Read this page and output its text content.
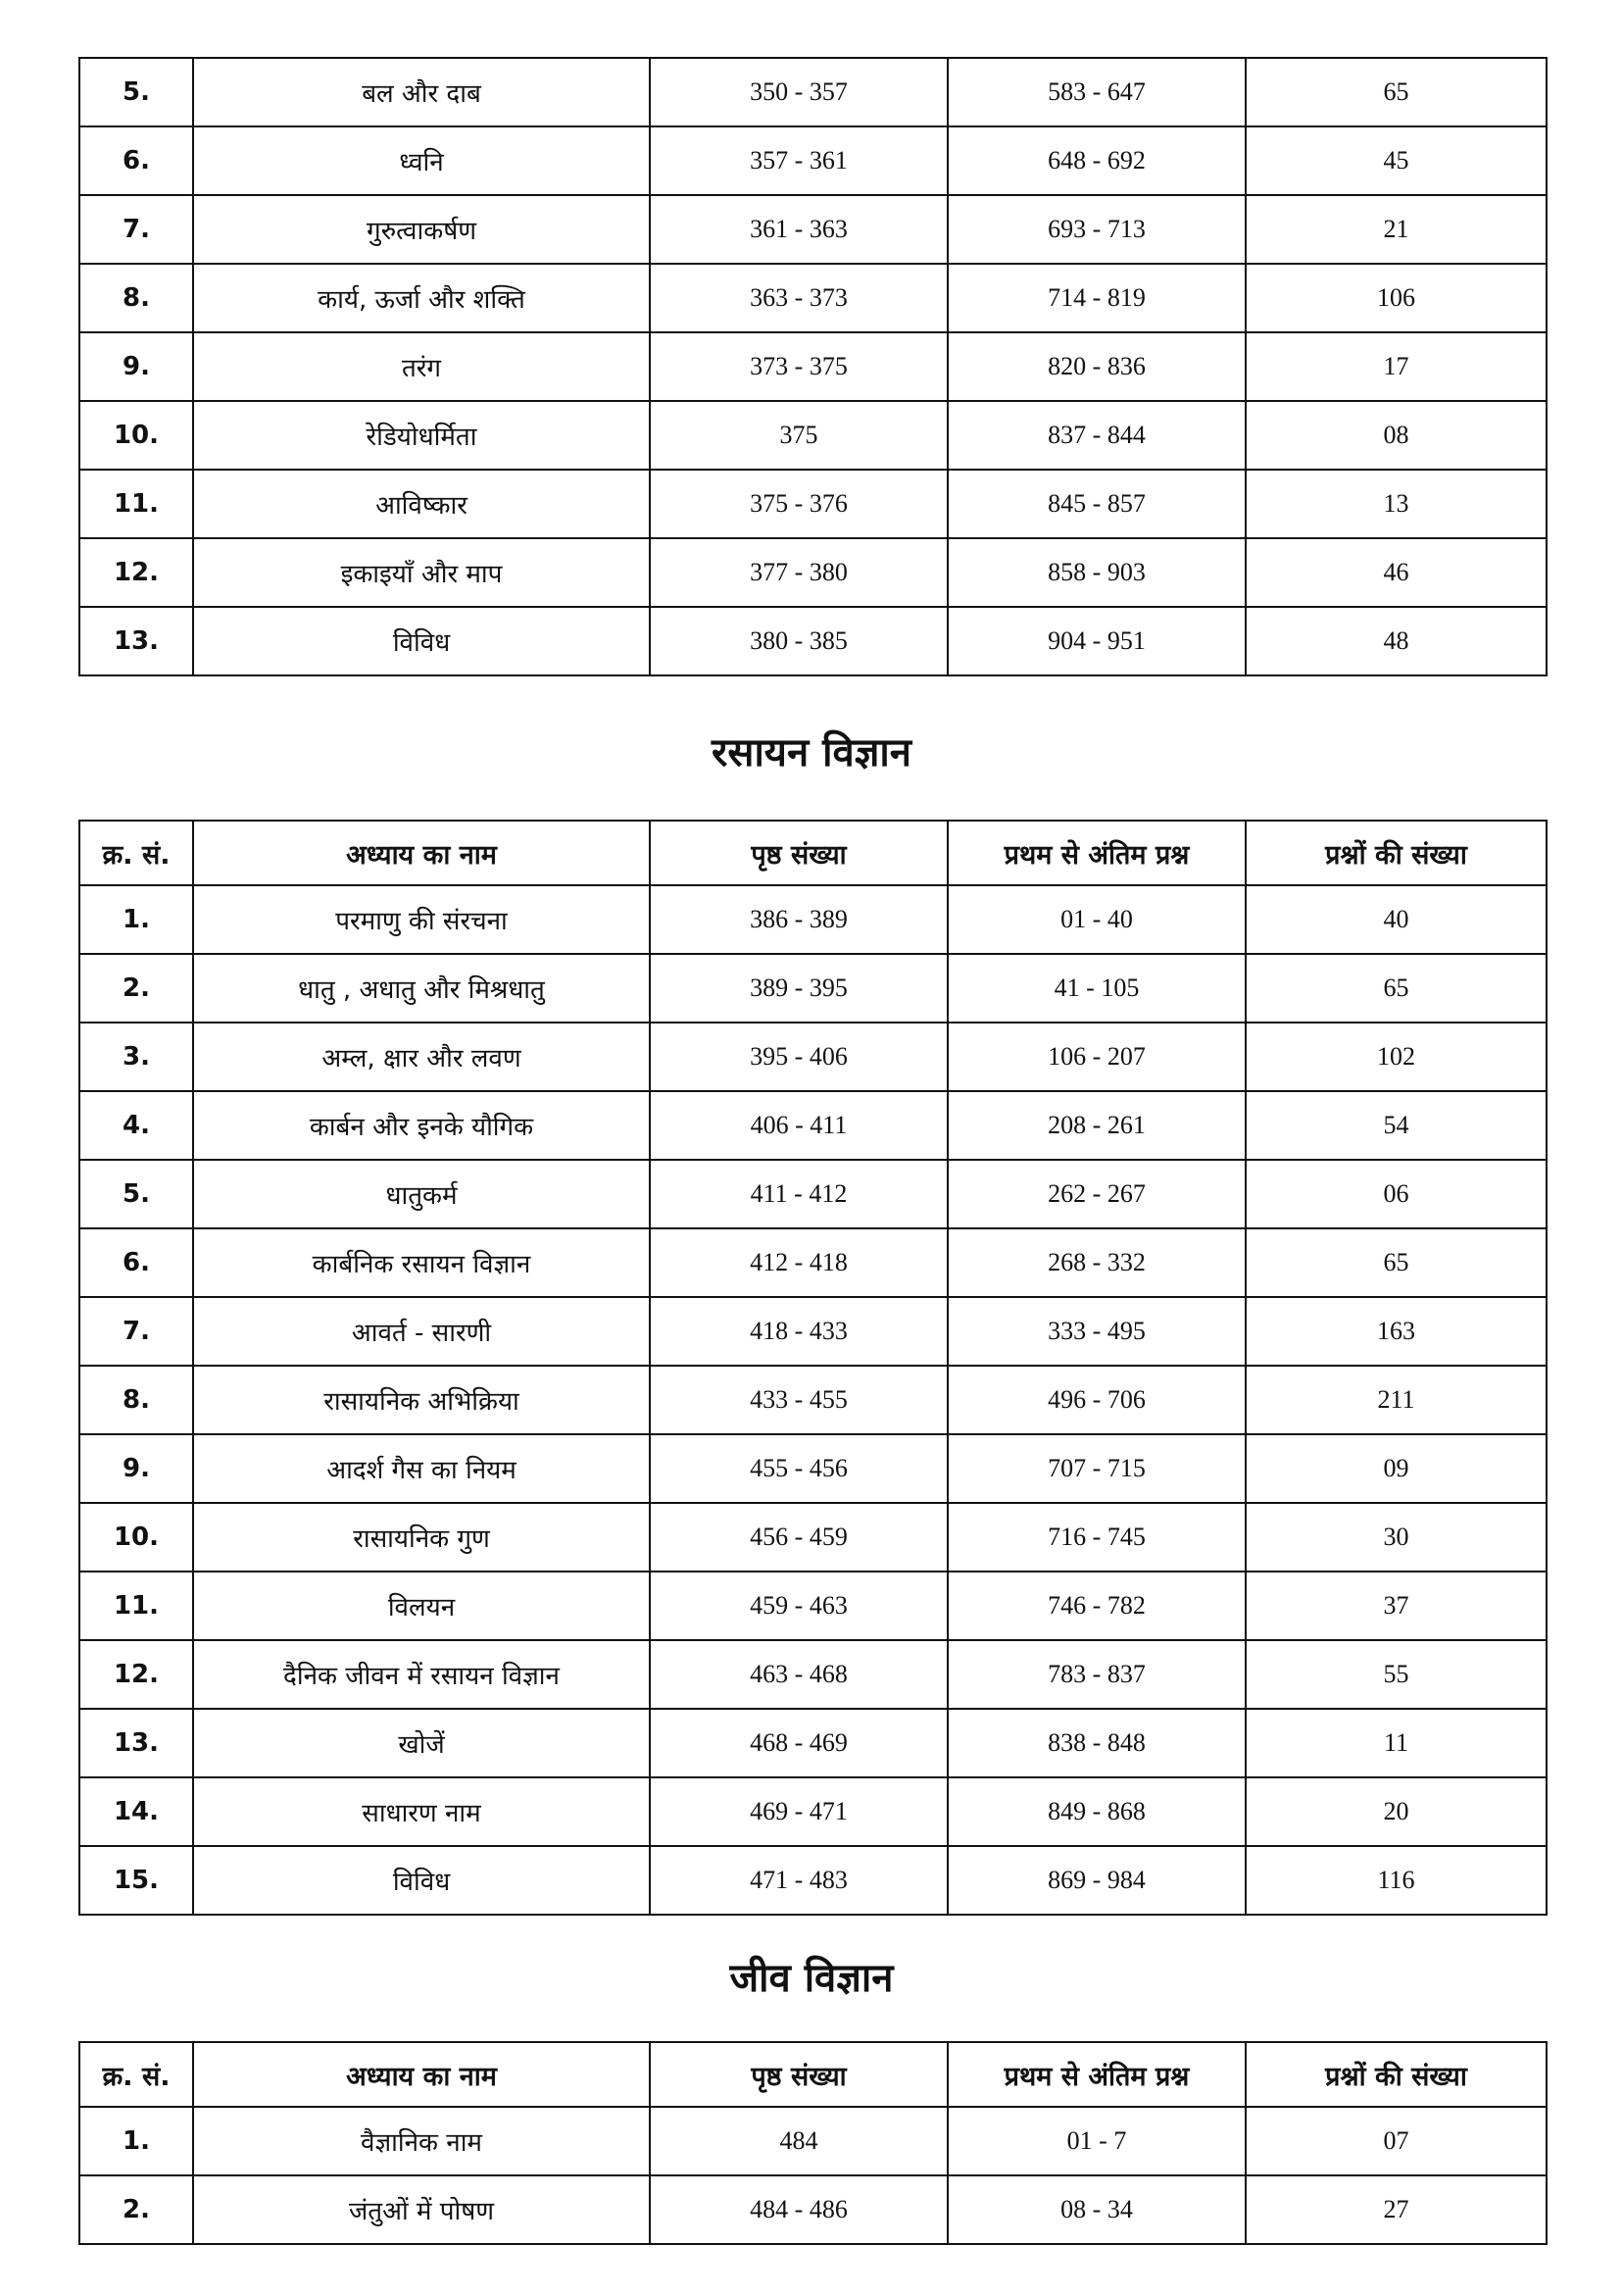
5.	बल और दाब	350 - 357	583 - 647	65
6.	ध्वनि	357 - 361	648 - 692	45
7.	गुरुत्वाकर्षण	361 - 363	693 - 713	21
8.	कार्य, ऊर्जा और शक्ति	363 - 373	714 - 819	106
9.	तरंग	373 - 375	820 - 836	17
10.	रेडियोधर्मिता	375	837 - 844	08
11.	आविष्कार	375 - 376	845 - 857	13
12.	इकाइयाँ और माप	377 - 380	858 - 903	46
13.	विविध	380 - 385	904 - 951	48
रसायन विज्ञान
क्र. सं.	अध्याय का नाम	पृष्ठ संख्या	प्रथम से अंतिम प्रश्न	प्रश्नों की संख्या
1.	परमाणु की संरचना	386 - 389	01 - 40	40
2.	धातु , अधातु और मिश्रधातु	389 - 395	41 - 105	65
3.	अम्ल, क्षार और लवण	395 - 406	106 - 207	102
4.	कार्बन और इनके यौगिक	406 - 411	208 - 261	54
5.	धातुकर्म	411 - 412	262 - 267	06
6.	कार्बनिक रसायन विज्ञान	412 - 418	268 - 332	65
7.	आवर्त - सारणी	418 - 433	333 - 495	163
8.	रासायनिक अभिक्रिया	433 - 455	496 - 706	211
9.	आदर्श गैस का नियम	455 - 456	707 - 715	09
10.	रासायनिक गुण	456 - 459	716 - 745	30
11.	विलयन	459 - 463	746 - 782	37
12.	दैनिक जीवन में रसायन विज्ञान	463 - 468	783 - 837	55
13.	खोजें	468 - 469	838 - 848	11
14.	साधारण नाम	469 - 471	849 - 868	20
15.	विविध	471 - 483	869 - 984	116
जीव विज्ञान
क्र. सं.	अध्याय का नाम	पृष्ठ संख्या	प्रथम से अंतिम प्रश्न	प्रश्नों की संख्या
1.	वैज्ञानिक नाम	484	01 - 7	07
2.	जंतुओं में पोषण	484 - 486	08 - 34	27
